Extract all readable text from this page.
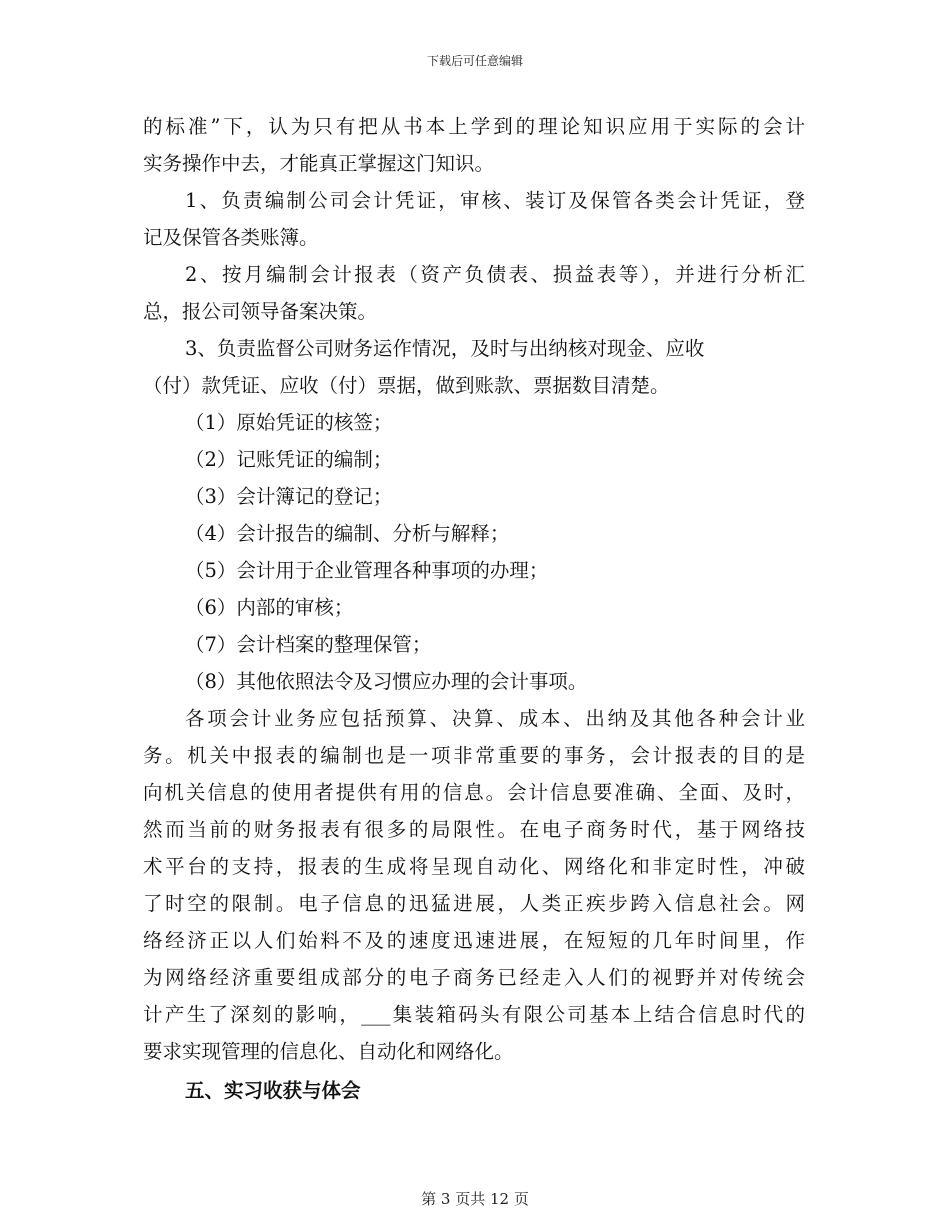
下载后可任意编辑
的标准”下，认为只有把从书本上学到的理论知识应用于实际的会计
实务操作中去，才能真正掌握这门知识。
1、负责编制公司会计凭证，审核、装订及保管各类会计凭证，登
记及保管各类账簿。
2、按月编制会计报表（资产负债表、损益表等），并进行分析汇
总，报公司领导备案决策。
3、负责监督公司财务运作情况，及时与出纳核对现金、应收
（付）款凭证、应收（付）票据，做到账款、票据数目清楚。
（1）原始凭证的核签；
（2）记账凭证的编制；
（3）会计簿记的登记；
（4）会计报告的编制、分析与解释；
（5）会计用于企业管理各种事项的办理；
（6）内部的审核；
（7）会计档案的整理保管；
（8）其他依照法令及习惯应办理的会计事项。
各项会计业务应包括预算、决算、成本、出纳及其他各种会计业
务。机关中报表的编制也是一项非常重要的事务，会计报表的目的是
向机关信息的使用者提供有用的信息。会计信息要准确、全面、及时，
然而当前的财务报表有很多的局限性。在电子商务时代，基于网络技
术平台的支持，报表的生成将呈现自动化、网络化和非定时性，冲破
了时空的限制。电子信息的迅猛进展，人类正疾步跨入信息社会。网
络经济正以人们始料不及的速度迅速进展，在短短的几年时间里，作
为网络经济重要组成部分的电子商务已经走入人们的视野并对传统会
计产生了深刻的影响，___集装箱码头有限公司基本上结合信息时代的
要求实现管理的信息化、自动化和网络化。
五、实习收获与体会
第 3 页共 12 页
